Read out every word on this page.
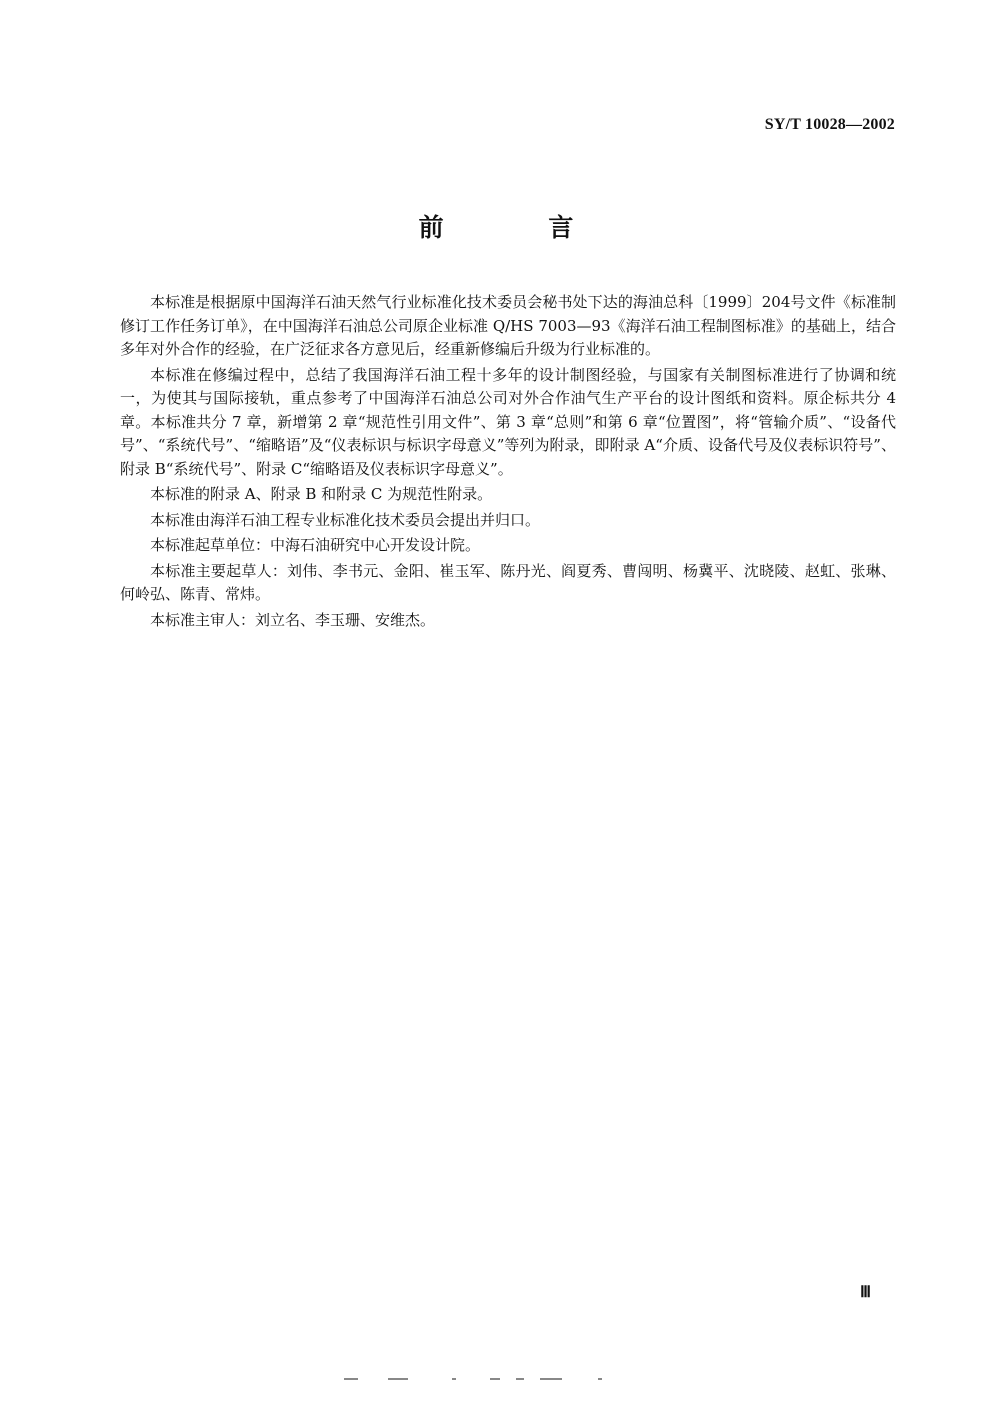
SY/T 10028—2002
前 言

本标准是根据原中国海洋石油天然气行业标准化技术委员会秘书处下达的海油总科〔1999〕204号文件《标准制修订工作任务订单》，在中国海洋石油总公司原企业标准 Q/HS 7003—93《海洋石油工程制图标准》的基础上，结合多年对外合作的经验，在广泛征求各方意见后，经重新修编后升级为行业标准的。

本标准在修编过程中，总结了我国海洋石油工程十多年的设计制图经验，与国家有关制图标准进行了协调和统一，为使其与国际接轨，重点参考了中国海洋石油总公司对外合作油气生产平台的设计图纸和资料。原企标共分 4 章。本标准共分 7 章，新增第 2 章“规范性引用文件”、第 3 章“总则”和第 6 章“位置图”，将“管输介质”、“设备代号”、“系统代号”、“缩略语”及“仪表标识与标识字母意义”等列为附录，即附录 A“介质、设备代号及仪表标识符号”、附录 B“系统代号”、附录 C“缩略语及仪表标识字母意义”。

本标准的附录 A、附录 B 和附录 C 为规范性附录。

本标准由海洋石油工程专业标准化技术委员会提出并归口。

本标准起草单位：中海石油研究中心开发设计院。

本标准主要起草人：刘伟、李书元、金阳、崔玉军、陈丹光、阎夏秀、曹闯明、杨冀平、沈晓陵、赵虹、张琳、何岭弘、陈青、常炜。

本标准主审人：刘立名、李玉珊、安维杰。

Ⅲ
